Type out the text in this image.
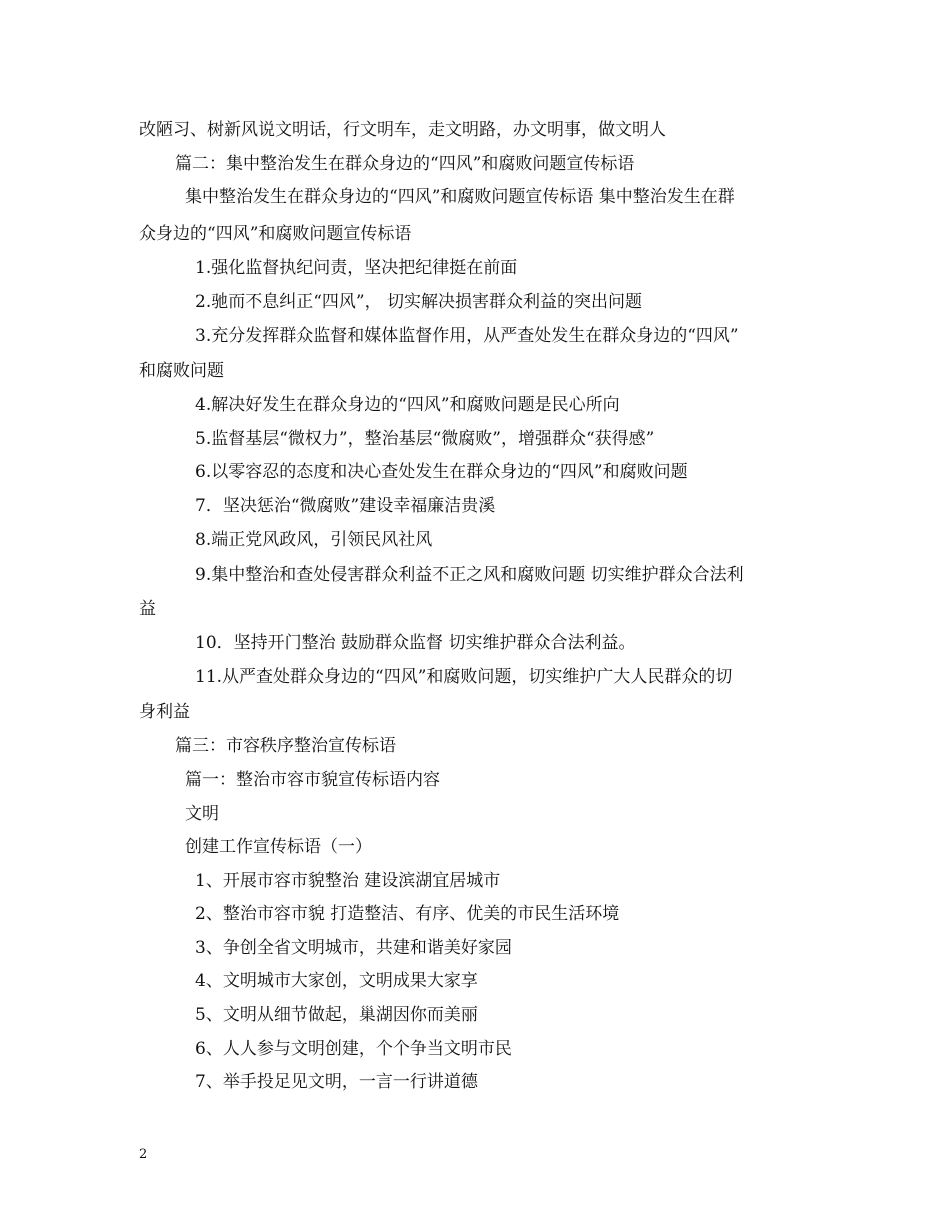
改陋习、树新风说文明话，行文明车，走文明路，办文明事，做文明人
篇二：集中整治发生在群众身边的“四风”和腐败问题宣传标语
集中整治发生在群众身边的“四风”和腐败问题宣传标语 集中整治发生在群
众身边的“四风”和腐败问题宣传标语
1.强化监督执纪问责，坚决把纪律挺在前面
2.驰而不息纠正“四风”， 切实解决损害群众利益的突出问题
3.充分发挥群众监督和媒体监督作用，从严查处发生在群众身边的“四风”
和腐败问题
4.解决好发生在群众身边的“四风”和腐败问题是民心所向
5.监督基层“微权力”，整治基层“微腐败”，增强群众“获得感”
6.以零容忍的态度和决心查处发生在群众身边的“四风”和腐败问题
7．坚决惩治“微腐败”建设幸福廉洁贵溪
8.端正党风政风，引领民风社风
9.集中整治和查处侵害群众利益不正之风和腐败问题 切实维护群众合法利
益
10．坚持开门整治 鼓励群众监督 切实维护群众合法利益。
11.从严查处群众身边的“四风”和腐败问题，切实维护广大人民群众的切
身利益
篇三：市容秩序整治宣传标语
篇一：整治市容市貌宣传标语内容
文明
创建工作宣传标语（一）
1、开展市容市貌整治 建设滨湖宜居城市
2、整治市容市貌 打造整洁、有序、优美的市民生活环境
3、争创全省文明城市，共建和谐美好家园
4、文明城市大家创，文明成果大家享
5、文明从细节做起，巢湖因你而美丽
6、人人参与文明创建，个个争当文明市民
7、举手投足见文明，一言一行讲道德
2
